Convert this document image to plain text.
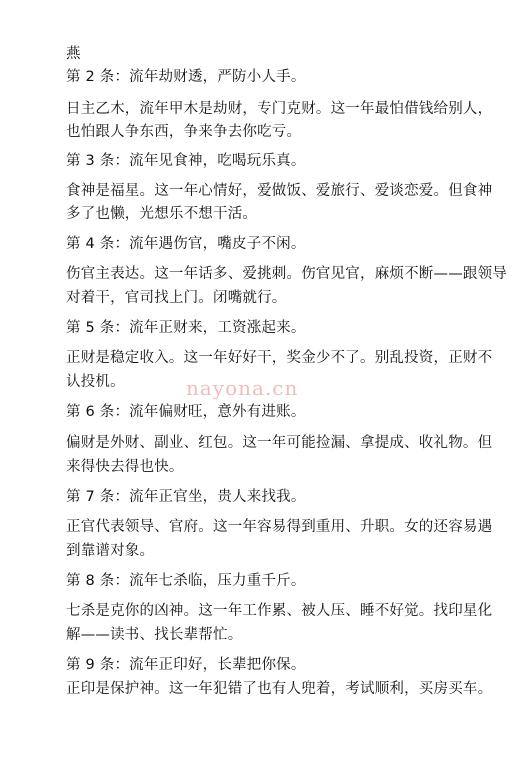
燕
第 2 条：流年劫财透，严防小人手。
日主乙木，流年甲木是劫财，专门克财。这一年最怕借钱给别人，
也怕跟人争东西，争来争去你吃亏。
第 3 条：流年见食神，吃喝玩乐真。
食神是福星。这一年心情好，爱做饭、爱旅行、爱谈恋爱。但食神
多了也懒，光想乐不想干活。
第 4 条：流年遇伤官，嘴皮子不闲。
伤官主表达。这一年话多、爱挑刺。伤官见官，麻烦不断——跟领导
对着干，官司找上门。闭嘴就行。
第 5 条：流年正财来，工资涨起来。
正财是稳定收入。这一年好好干，奖金少不了。别乱投资，正财不
认投机。
第 6 条：流年偏财旺，意外有进账。
偏财是外财、副业、红包。这一年可能捡漏、拿提成、收礼物。但
来得快去得也快。
第 7 条：流年正官坐，贵人来找我。
正官代表领导、官府。这一年容易得到重用、升职。女的还容易遇
到靠谱对象。
第 8 条：流年七杀临，压力重千斤。
七杀是克你的凶神。这一年工作累、被人压、睡不好觉。找印星化
解——读书、找长辈帮忙。
第 9 条：流年正印好，长辈把你保。
正印是保护神。这一年犯错了也有人兜着，考试顺利，买房买车。
nayona.cn
